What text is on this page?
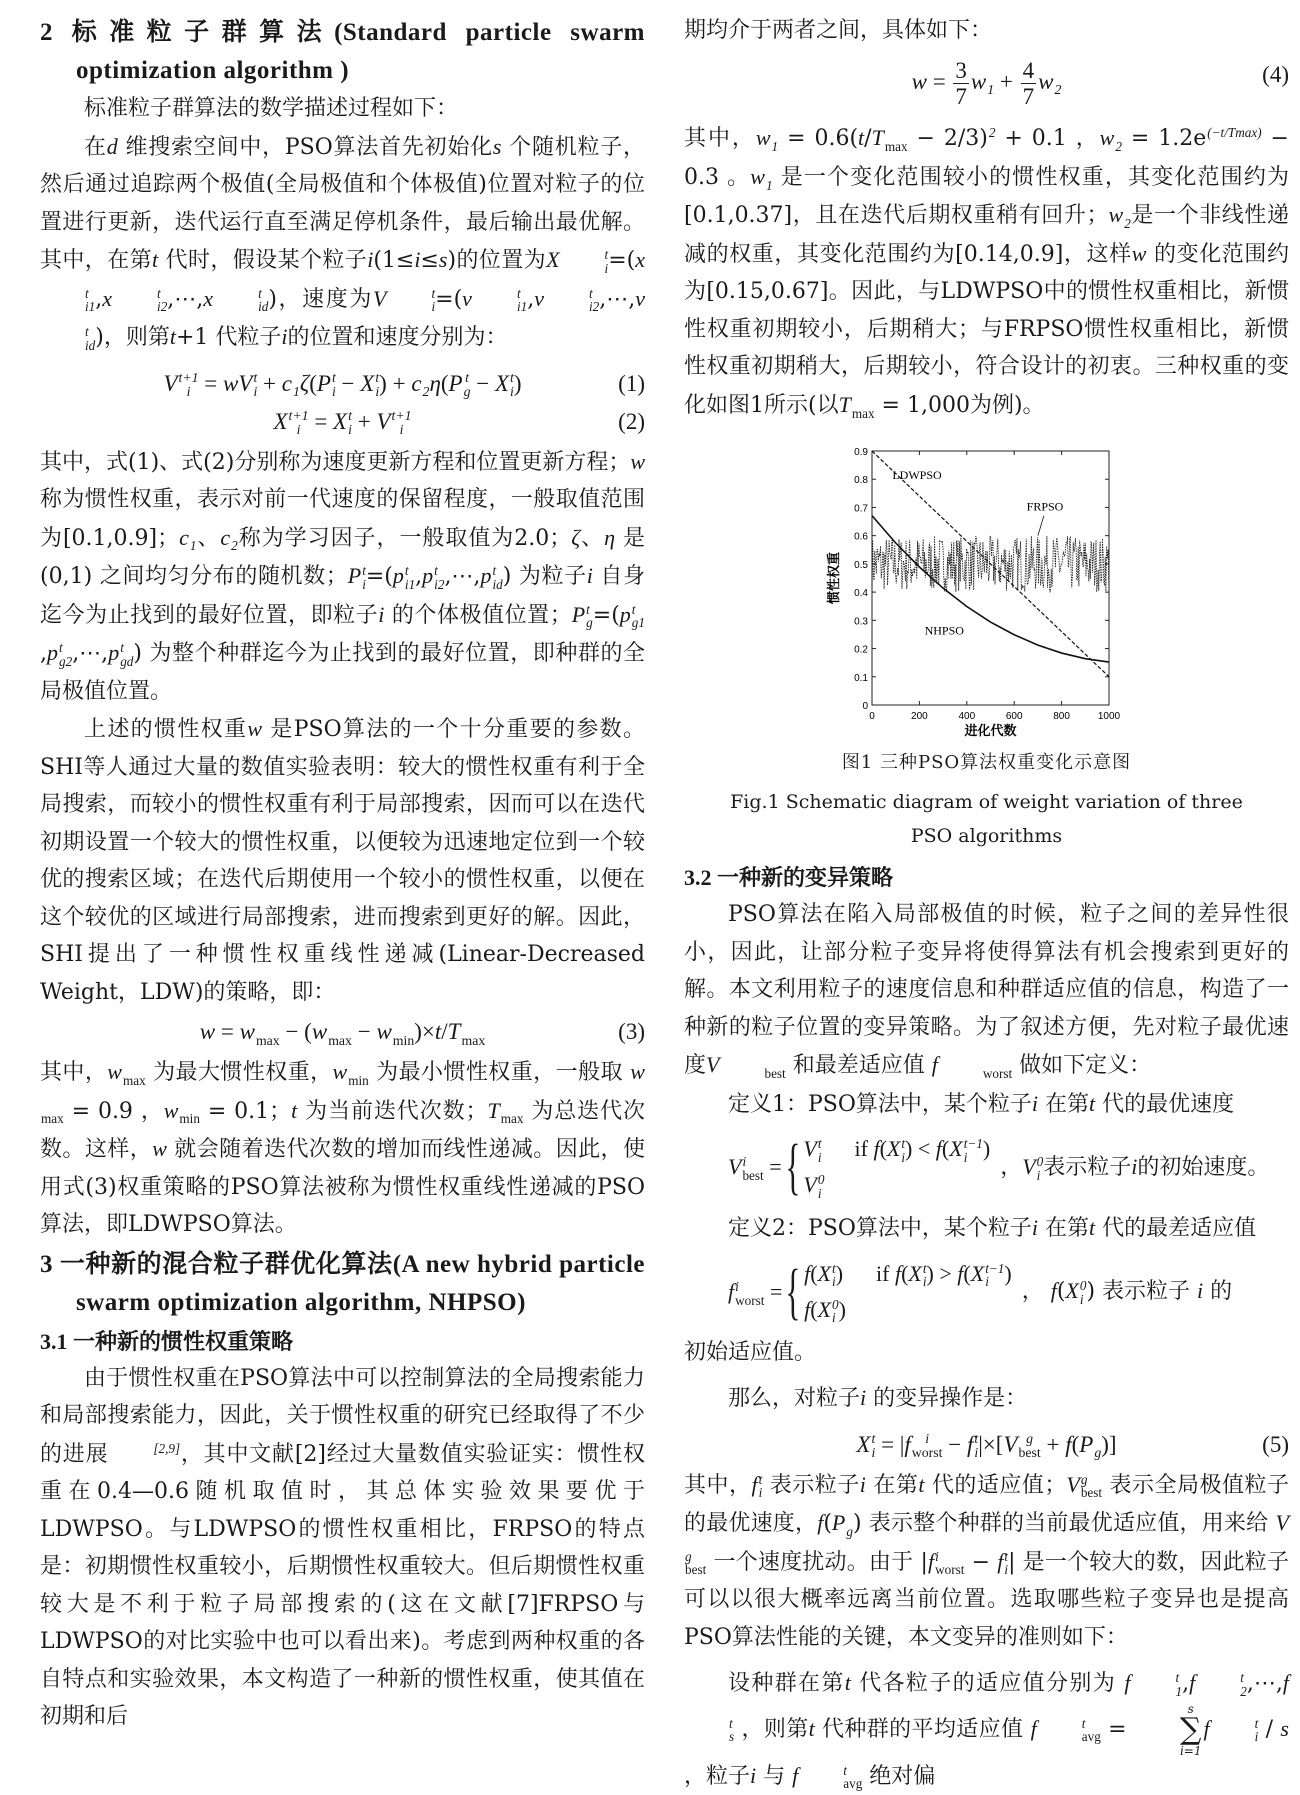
2 标准粒子群算法(Standard particle swarm optimization algorithm )

标准粒子群算法的数学描述过程如下：

在d 维搜索空间中，PSO算法首先初始化s 个随机粒子，然后通过追踪两个极值(全局极值和个体极值)位置对粒子的位置进行更新，迭代运行直至满足停机条件，最后输出最优解。其中，在第t 代时，假设某个粒子i(1≤i≤s)的位置为X	t
i =(x
t
i1 ,x	t
i2 ,⋯,x	t
id )，速度为V	t
i =(v	t
i1 ,v	t
i2 ,⋯,v
t
id )，则第t+1 代粒子i的位置和速度分别为：

V t+1
i = wV t
i + c
1 ζ(P t
i − X t
i ) + c
2 η(P t
g − X t
i )	(1)
X t+1
i = X t
i + V t+1
i	(2)

其中，式(1)、式(2)分别称为速度更新方程和位置更新方程；w 称为惯性权重，表示对前一代速度的保留程度，一般取值范围为[0.1,0.9]；c
1 、c
2 称为学习因子，一般取值为2.0；ζ、η 是 (0,1) 之间均匀分布的随机数；P t
i =(p t
i1 ,p t
i2 ,⋯,p t
id ) 为粒子i 自身迄今为止找到的最好位置，即粒子i 的个体极值位置；P t
g =(p t
g1
,p t
g2 ,⋯,p t
gd ) 为整个种群迄今为止找到的最好位置，即种群的全局极值位置。

上述的惯性权重w 是PSO算法的一个十分重要的参数。SHI等人通过大量的数值实验表明：较大的惯性权重有利于全局搜索，而较小的惯性权重有利于局部搜索，因而可以在迭代初期设置一个较大的惯性权重，以便较为迅速地定位到一个较优的搜索区域；在迭代后期使用一个较小的惯性权重，以便在这个较优的区域进行局部搜索，进而搜索到更好的解。因此，SHI提出了一种惯性权重线性递减(Linear-Decreased Weight，LDW)的策略，即：

w = w
max − (w
max − w
min )×t/T
max	(3)

其中，w
max 为最大惯性权重，w
min 为最小惯性权重，一般取 w

max = 0.9 ，w
min = 0.1；t 为当前迭代次数；T
max 为总迭代次数。这样，w 就会随着迭代次数的增加而线性递减。因此，使用式(3)权重策略的PSO算法被称为惯性权重线性递减的PSO算法，即LDWPSO算法。

3 一种新的混合粒子群优化算法(A new hybrid particle swarm optimization algorithm, NHPSO)
3.1 一种新的惯性权重策略

由于惯性权重在PSO算法中可以控制算法的全局搜索能力和局部搜索能力，因此，关于惯性权重的研究已经取得了不少的进展	[2,9]
，其中文献[2]经过大量数值实验证实：惯性权重在0.4—0.6随机取值时，其总体实验效果要优于LDWPSO。与LDWPSO的惯性权重相比，FRPSO的特点是：初期惯性权重较小，后期惯性权重较大。但后期惯性权重较大是不利于粒子局部搜索的(这在文献[7]FRPSO与LDWPSO的对比实验中也可以看出来)。考虑到两种权重的各自特点和实验效果，本文构造了一种新的惯性权重，使其值在初期和后

期均介于两者之间，具体如下：

$w = \frac{3}{7}$ w
$1 + \frac{4}{7}$ w
2
(4)

其中，w
1 = 0.6(t/T
max − 2/3) 2
+ 0.1 ，w
2 = 1.2e (−t/Tmax)
− 0.3 。w
1 是一个变化范围较小的惯性权重，其变化范围约为[0.1,0.37]，且在迭代后期权重稍有回升；w
2 是一个非线性递减的权重，其变化范围约为[0.14,0.9]，这样w 的变化范围约为[0.15,0.67]。因此，与LDWPSO中的惯性权重相比，新惯性权重初期较小，后期稍大；与FRPSO惯性权重相比，新惯性权重初期稍大，后期较小，符合设计的初衷。三种权重的变化如图1所示(以T
max = 1,000为例)。

0	200	400	600	800	1000
0
0.1
0.2
0.3
0.4
0.5
0.6
0.7
0.8
0.9
进化代数
惯性权重
LDWPSO
FRPSO
NHPSO
图1 三种PSO算法权重变化示意图
Fig.1 Schematic diagram of weight variation of three
PSO algorithms
3.2 一种新的变异策略

PSO算法在陷入局部极值的时候，粒子之间的差异性很小，因此，让部分粒子变异将使得算法有机会搜索到更好的解。本文利用粒子的速度信息和种群适应值的信息，构造了一种新的粒子位置的变异策略。为了叙述方便，先对粒子最优速度V
	best 和最差适应值 f
	worst 做如下定义：

定义1：PSO算法中，某个粒子i 在第t 代的最优速度

V i
best = { V t
i if f(X t
i ) < f(X t−1
i )
V 0
i
，V 0
i 表示粒子i的初始速度。

定义2：PSO算法中，某个粒子i 在第t 代的最差适应值

f i
worst = { f(X t
i )      if f(X t
i ) > f(X t−1
i )
f(X 0
i )
， f(X 0
i ) 表示粒子 i 的

初始适应值。

那么，对粒子i 的变异操作是：

X t
i = |f	i
worst − f t
i |×[V g
best + f(P
g )]	(5)

其中，f t
i 表示粒子i 在第t 代的适应值；V g
best 表示全局极值粒子的最优速度，f(P
g ) 表示整个种群的当前最优适应值，用来给 V
g
best 一个速度扰动。由于 |f i
worst − f t
i | 是一个较大的数，因此粒子可以以很大概率远离当前位置。选取哪些粒子变异也是提高PSO算法性能的关键，本文变异的准则如下：

设种群在第t 代各粒子的适应值分别为 f	t
1 ,f	t
2 ,⋯,f
t
s ，则第t 代种群的平均适应值 f	t
avg =
s
∑
i=1
f	t
i / s ，粒子i 与 f	t
avg 绝对偏
